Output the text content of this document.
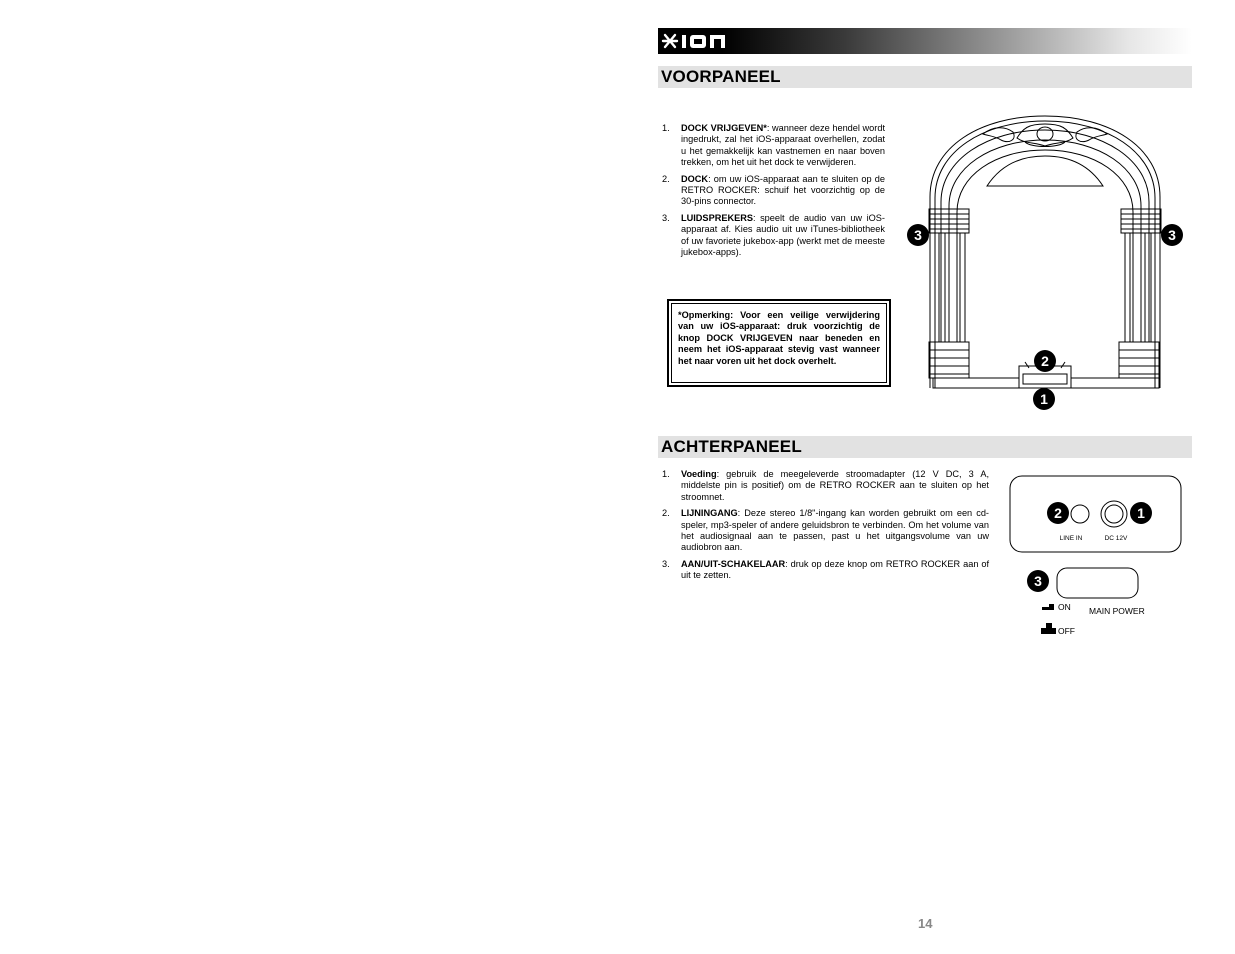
VOORPANEEL
1. DOCK VRIJGEVEN*: wanneer deze hendel wordt ingedrukt, zal het iOS-apparaat overhellen, zodat u het gemakkelijk kan vastnemen en naar boven trekken, om het uit het dock te verwijderen.
2. DOCK: om uw iOS-apparaat aan te sluiten op de RETRO ROCKER: schuif het voorzichtig op de 30-pins connector.
3. LUIDSPREKERS: speelt de audio van uw iOS-apparaat af. Kies audio uit uw iTunes-bibliotheek of uw favoriete jukebox-app (werkt met de meeste jukebox-apps).
*Opmerking: Voor een veilige verwijdering van uw iOS-apparaat: druk voorzichtig de knop DOCK VRIJGEVEN naar beneden en neem het iOS-apparaat stevig vast wanneer het naar voren uit het dock overhelt.
3	3
2
1
ACHTERPANEEL
1. Voeding: gebruik de meegeleverde stroomadapter (12 V DC, 3 A, middelste pin is positief) om de RETRO ROCKER aan te sluiten op het stroomnet.
2. LIJNINGANG: Deze stereo 1/8"-ingang kan worden gebruikt om een cd-speler, mp3-speler of andere geluidsbron te verbinden. Om het volume van het audiosignaal aan te passen, past u het uitgangsvolume van uw audiobron aan.
3. AAN/UIT-SCHAKELAAR: druk op deze knop om RETRO ROCKER aan of uit te zetten.
2	1
3
LINE IN	DC 12V
ON
OFF
MAIN POWER
14
